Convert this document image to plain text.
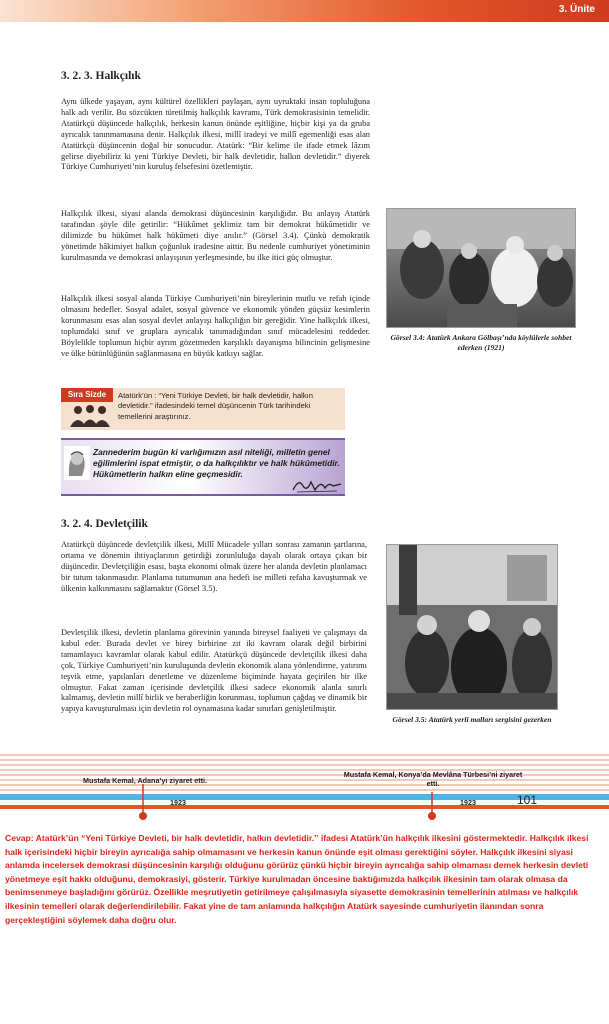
3. Ünite
3. 2. 3. Halkçılık

Aynı ülkede yaşayan, aynı kültürel özellikleri paylaşan, aynı uyruktaki insan topluluğuna halk adı verilir. Bu sözcükten türetilmiş halkçılık kavramı, Türk demokrasisinin temelidir. Atatürkçü düşüncede halkçılık, herkesin kanun önünde eşitliğine, hiçbir kişi ya da gruba ayrıcalık tanınmamasına denir. Halkçılık ilkesi, millî iradeyi ve millî egemenliği esas alan Atatürkçü düşüncenin doğal bir sonucudur. Atatürk: “Bir kelime ile ifade etmek lâzım gelirse diyebiliriz ki yeni Türkiye Devleti, bir halk devletidir, halkın devletidir.” diyerek Türkiye Cumhuriyeti’nin kuruluş felsefesini özetlemiştir.

Halkçılık ilkesi, siyasi alanda demokrasi düşüncesinin karşılığıdır. Bu anlayış Atatürk tarafından şöyle dile getirilir: “Hükûmet şeklimiz tam bir demokrat hükûmetidir ve dilimizde bu hükûmet halk hükûmeti diye anılır.” (Görsel 3.4). Çünkü demokratik yönetimde hâkimiyet halkın çoğunluk iradesine aittir. Bu nedenle cumhuriyet yönetiminin kurulmasında ve demokrasi anlayışının yerleşmesinde, bu ilke itici güç olmuştur.

Halkçılık ilkesi sosyal alanda Türkiye Cumhuriyeti’nin bireylerinin mutlu ve refah içinde olmasını hedefler. Sosyal adalet, sosyal güvence ve ekonomik yönden güçsüz kesimlerin korunmasını esas alan sosyal devlet anlayışı halkçılığın bir gereğidir. Yine halkçılık ilkesi, toplumdaki sınıf ve gruplara ayrıcalık tanımadığından sınıf mücadelesini reddeder. Böylelikle toplumun hiçbir ayrım gözetmeden karşılıklı dayanışma bilincinin gelişmesine ve ülke bütünlüğünün sağlanmasına en büyük katkıyı sağlar.

Görsel 3.4: Atatürk Ankara Gölbaşı’nda köylülerle sohbet ederken (1921)
Sıra Sizde	Atatürk’ün : “Yeni Türkiye Devleti, bir halk devletidir, halkın devletidir.” ifadesindeki temel düşüncenin Türk tarihindeki temellerini araştırınız.
Zannederim bugün ki varlığımızın asıl niteliği, milletin genel eğilimlerini ispat etmiştir, o da halkçılıktır ve halk hükûmetidir. Hükûmetlerin halkın eline geçmesidir.
3. 2. 4. Devletçilik

Atatürkçü düşüncede devletçilik ilkesi, Millî Mücadele yılları sonrası zamanın şartlarına, ortama ve dönemin ihtiyaçlarının getirdiği zorunluluğa dayalı olarak ortaya çıkan bir düşüncedir. Devletçiliğin esası, başta ekonomi olmak üzere her alanda devletin planlamacı bir tutum takınmasıdır. Planlama tutumunun ana hedefi ise milleti refaha kavuşturmak ve ülkenin kalkınmasını sağlamaktır (Görsel 3.5).

Devletçilik ilkesi, devletin planlama görevinin yanında bireysel faaliyeti ve çalışmayı da kabul eder. Burada devlet ve birey birbirine zıt iki kavram olarak değil birbirini tamamlayıcı kavramlar olarak kabul edilir. Atatürkçü düşüncede devletçilik ilkesi daha çok, Türkiye Cumhuriyeti’nin kuruluşunda devletin ekonomik alana yönlendirme, yatırımı teşvik etme, yapılanları denetleme ve düzenleme biçiminde hayata geçirilen bir ilke olmuştur. Fakat zaman içerisinde devletçilik ilkesi sadece ekonomik alanla sınırlı kalmamış, devletin millî birlik ve beraberliğin korunması, toplumun çağdaş ve dinamik bir yapıya kavuşturulması için devletin rol oynamasına kadar sınırları genişletilmiştir.

Görsel 3.5: Atatürk yerli malları sergisini gezerken
Mustafa Kemal, Adana’yı ziyaret etti.
1923
Mustafa Kemal, Konya’da Mevlâna Türbesi’ni ziyaret etti.
1923	101

Cevap: Atatürk’ün “Yeni Türkiye Devleti, bir halk devletidir, halkın devletidir.” ifadesi Atatürk’ün halkçılık ilkesini göstermektedir. Halkçılık ilkesi halk içerisindeki hiçbir bireyin ayrıcalığa sahip olmamasını ve herkesin kanun önünde eşit olması gerektiğini söyler. Halkçılık ilkesini siyasi anlamda incelersek demokrasi düşüncesinin karşılığı olduğunu görürüz çünkü hiçbir bireyin ayrıcalığa sahip olmaması demek herkesin devleti yönetmeye eşit hakkı olduğunu, demokrasiyi, gösterir. Türkiye kurulmadan öncesine baktığımızda halkçılık ilkesinin tam olarak olmasa da benimsenmeye başladığını görürüz. Özellikle meşrutiyetin getirilmeye çalışılmasıyla siyasette demokrasinin temellerinin atılması ve halkçılık ilkesinin temelleri olarak değerlendirilebilir. Fakat yine de tam anlamında halkçılığın Atatürk sayesinde cumhuriyetin ilanından sonra gerçekleştiğini söylemek daha doğru olur.
